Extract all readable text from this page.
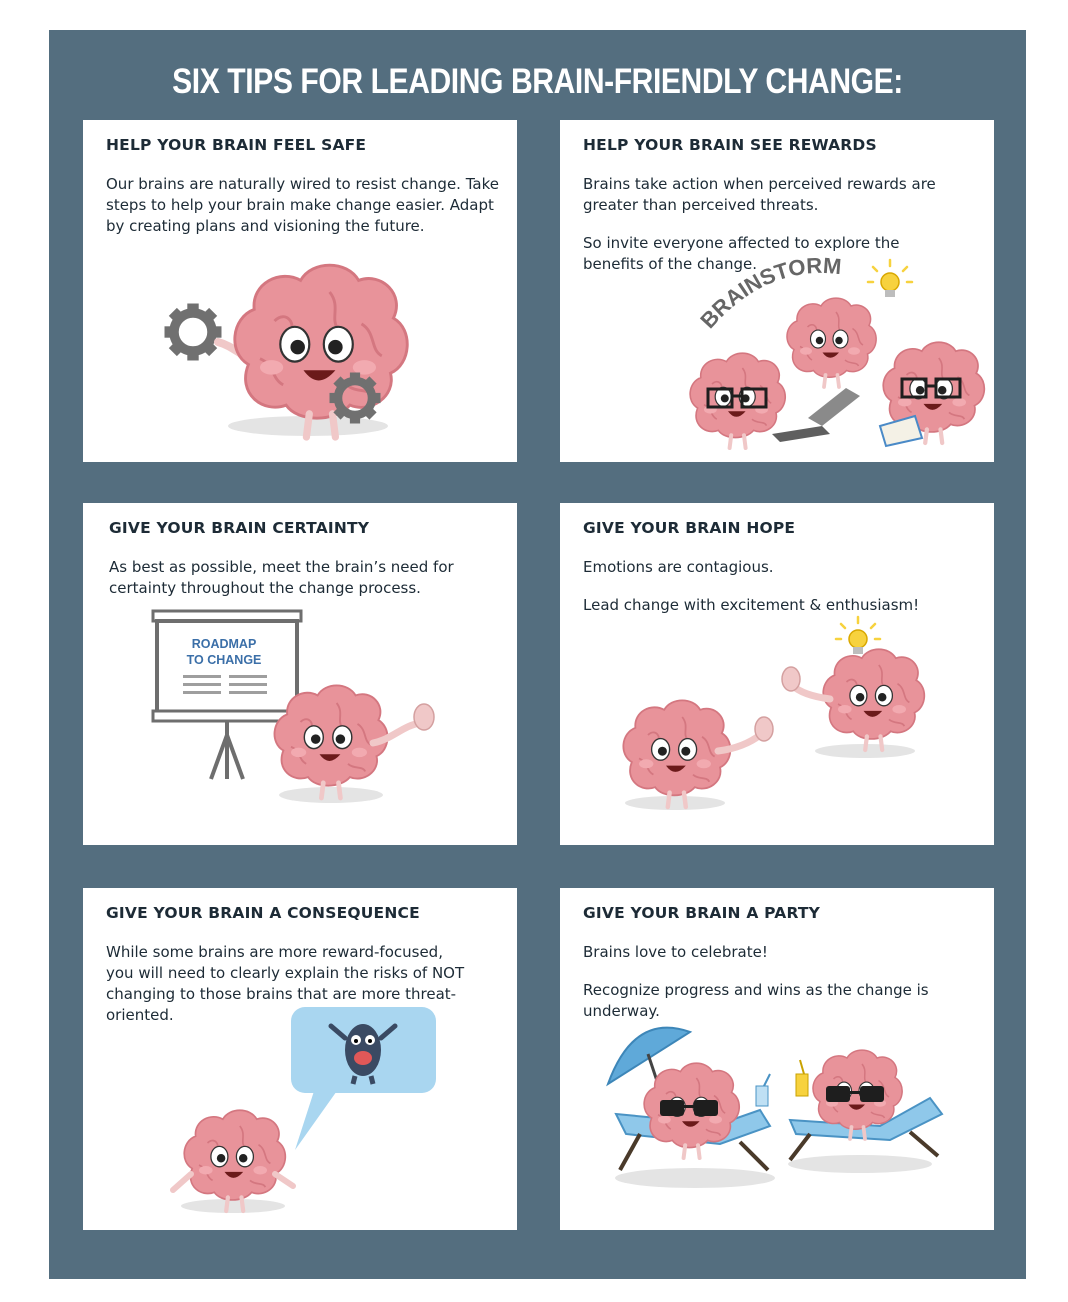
SIX TIPS FOR LEADING BRAIN-FRIENDLY CHANGE:
HELP YOUR BRAIN FEEL SAFE

Our brains are naturally wired to resist change. Take steps to help your brain make change easier. Adapt by creating plans and visioning the future.

HELP YOUR BRAIN SEE REWARDS

Brains take action when perceived rewards are greater than perceived threats.

So invite everyone affected to explore the benefits of the change.

BRAINSTORM
GIVE YOUR BRAIN CERTAINTY

As best as possible, meet the brain’s need for certainty throughout the change process.

ROADMAP
TO CHANGE
GIVE YOUR BRAIN HOPE

Emotions are contagious.

Lead change with excitement & enthusiasm!

GIVE YOUR BRAIN A CONSEQUENCE

While some brains are more reward-focused, you will need to clearly explain the risks of NOT changing to those brains that are more threat-oriented.

GIVE YOUR BRAIN A PARTY

Brains love to celebrate!

Recognize progress and wins as the change is underway.
